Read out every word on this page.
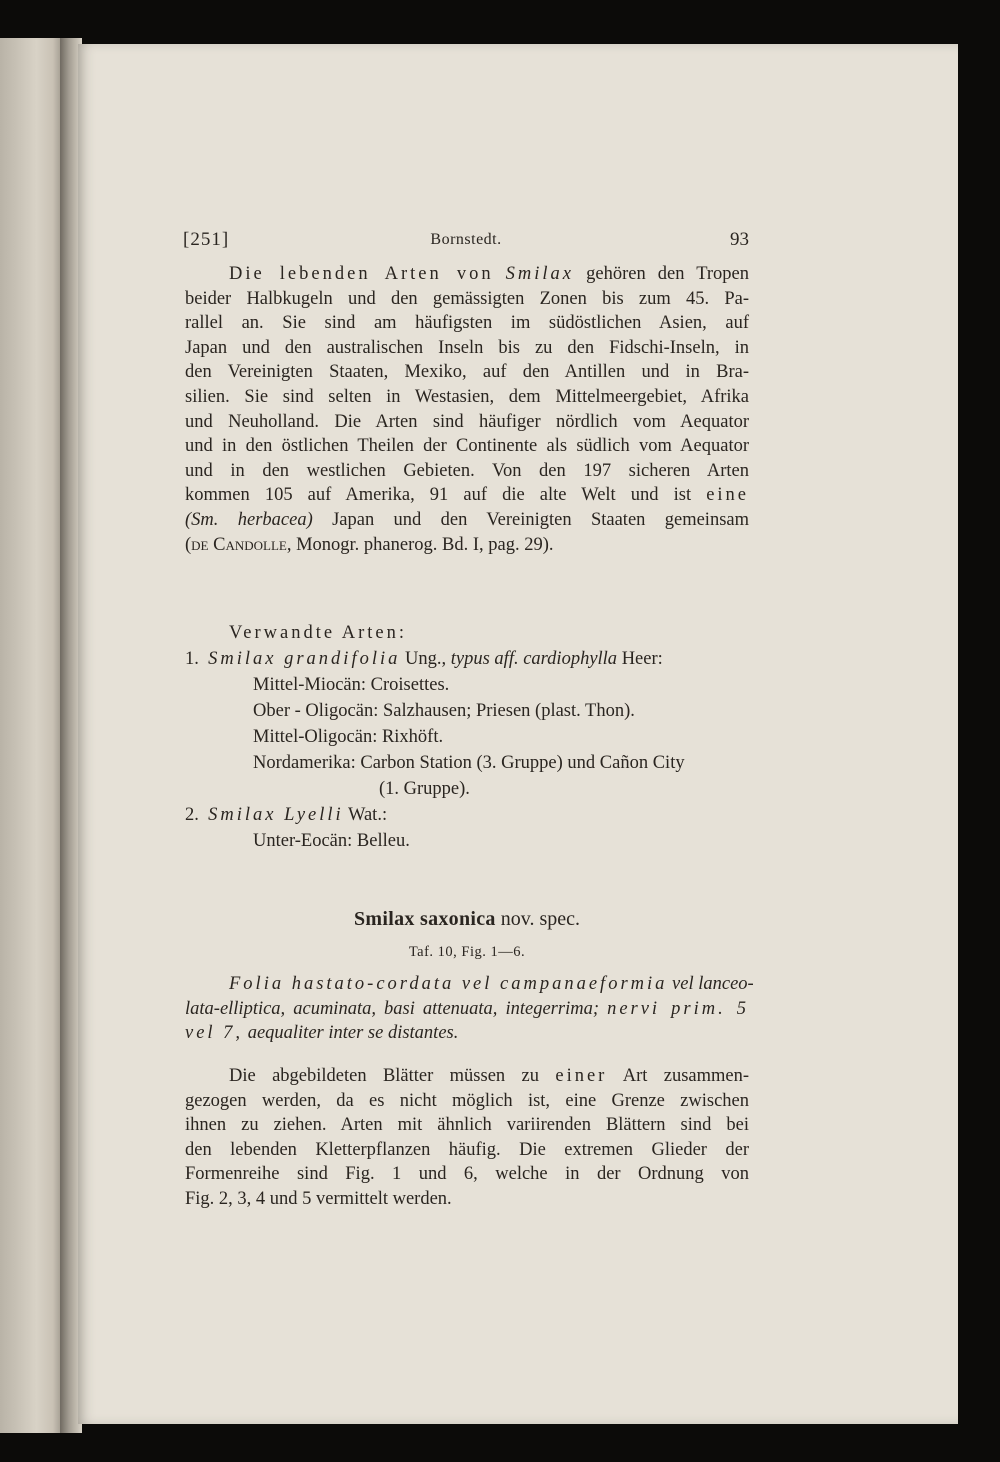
[251]	Bornstedt.	93
Die lebenden Arten von Smilax gehören den Tropen
beider Halbkugeln und den gemässigten Zonen bis zum 45. Pa-
rallel an. Sie sind am häufigsten im südöstlichen Asien, auf
Japan und den australischen Inseln bis zu den Fidschi-Inseln, in
den Vereinigten Staaten, Mexiko, auf den Antillen und in Bra-
silien. Sie sind selten in Westasien, dem Mittelmeergebiet, Afrika
und Neuholland. Die Arten sind häufiger nördlich vom Aequator
und in den östlichen Theilen der Continente als südlich vom Aequator
und in den westlichen Gebieten. Von den 197 sicheren Arten
kommen 105 auf Amerika, 91 auf die alte Welt und ist eine
(Sm. herbacea) Japan und den Vereinigten Staaten gemeinsam
(de Candolle, Monogr. phanerog. Bd. I, pag. 29).
Verwandte Arten:
1. Smilax grandifolia Ung., typus aff. cardiophylla Heer:
Mittel-Miocän: Croisettes.
Ober - Oligocän: Salzhausen; Priesen (plast. Thon).
Mittel-Oligocän: Rixhöft.
Nordamerika: Carbon Station (3. Gruppe) und Cañon City
(1. Gruppe).
2. Smilax Lyelli Wat.:
Unter-Eocän: Belleu.
Smilax saxonica nov. spec.
Taf. 10, Fig. 1—6.
Folia hastato-cordata vel campanaeformia vel lanceo-
lata-elliptica, acuminata, basi attenuata, integerrima; nervi prim. 5
vel 7, aequaliter inter se distantes.
Die abgebildeten Blätter müssen zu einer Art zusammen-
gezogen werden, da es nicht möglich ist, eine Grenze zwischen
ihnen zu ziehen. Arten mit ähnlich variirenden Blättern sind bei
den lebenden Kletterpflanzen häufig. Die extremen Glieder der
Formenreihe sind Fig. 1 und 6, welche in der Ordnung von
Fig. 2, 3, 4 und 5 vermittelt werden.
